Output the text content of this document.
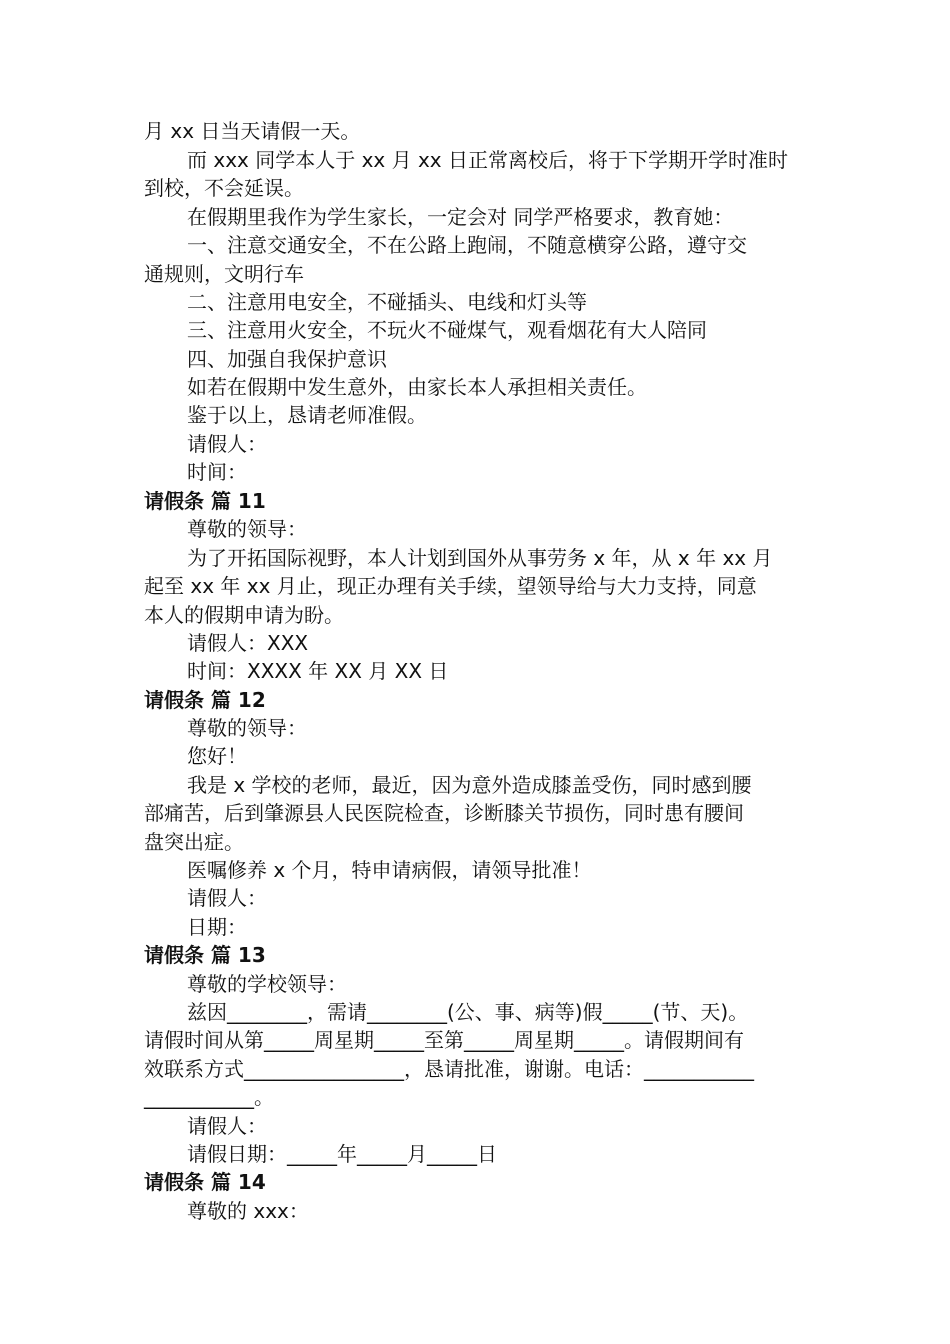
月 xx 日当天请假一天。
而 xxx 同学本人于 xx 月 xx 日正常离校后，将于下学期开学时准时
到校，不会延误。
在假期里我作为学生家长，一定会对 同学严格要求，教育她：
一、注意交通安全，不在公路上跑闹，不随意横穿公路，遵守交
通规则，文明行车
二、注意用电安全，不碰插头、电线和灯头等
三、注意用火安全，不玩火不碰煤气，观看烟花有大人陪同
四、加强自我保护意识
如若在假期中发生意外，由家长本人承担相关责任。
鉴于以上，恳请老师准假。
请假人：
时间：
请假条 篇 11
尊敬的领导：
为了开拓国际视野，本人计划到国外从事劳务 x 年，从 x 年 xx 月
起至 xx 年 xx 月止，现正办理有关手续，望领导给与大力支持，同意
本人的假期申请为盼。
请假人：XXX
时间：XXXX 年 XX 月 XX 日
请假条 篇 12
尊敬的领导：
您好！
我是 x 学校的老师，最近，因为意外造成膝盖受伤，同时感到腰
部痛苦，后到肇源县人民医院检查，诊断膝关节损伤，同时患有腰间
盘突出症。
医嘱修养 x 个月，特申请病假，请领导批准！
请假人：
日期：
请假条 篇 13
尊敬的学校领导：
兹因________，需请________(公、事、病等)假_____(节、天)。
请假时间从第_____周星期_____至第_____周星期_____。请假期间有
效联系方式________________，恳请批准，谢谢。电话：___________
___________。
请假人：
请假日期：_____年_____月_____日
请假条 篇 14
尊敬的 xxx：
